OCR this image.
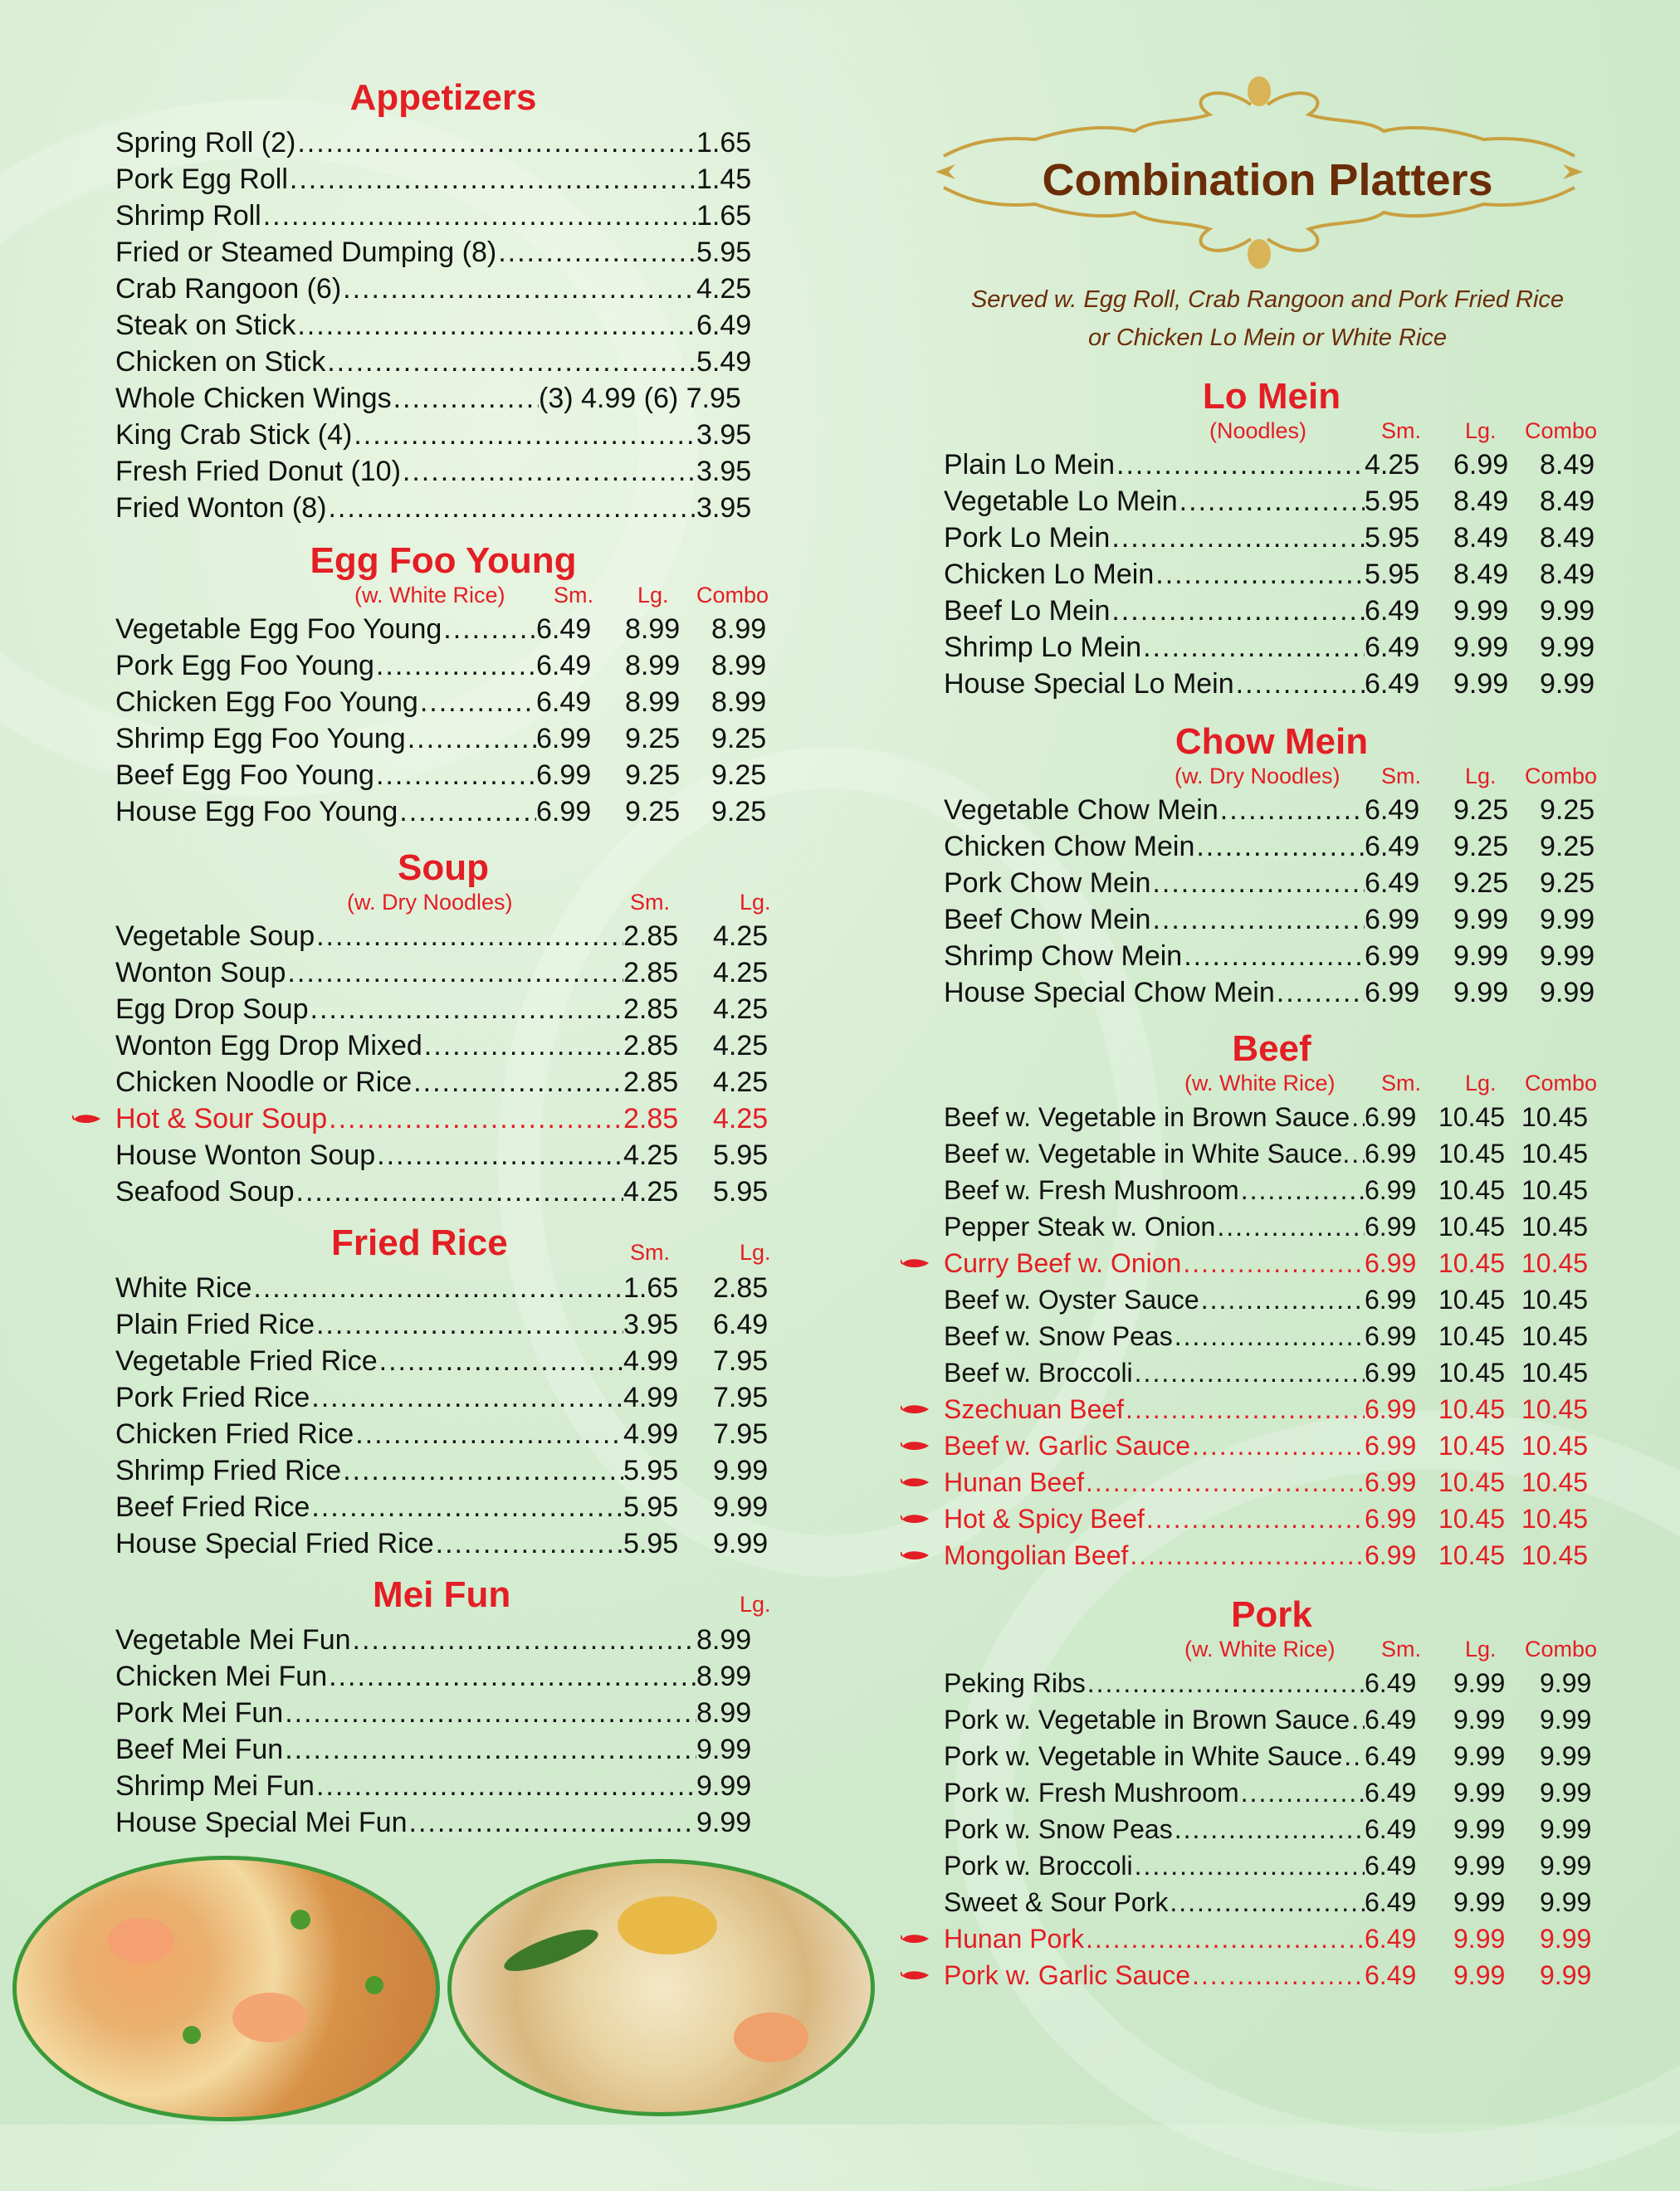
Appetizers
Spring Roll (2) .....	1.65
Pork Egg Roll .....	1.45
Shrimp Roll .....	1.65
Fried or Steamed Dumping (8) .....	5.95
Crab Rangoon (6) .....	4.25
Steak on Stick .....	6.49
Chicken on Stick .....	5.49
Whole Chicken Wings .....	(3) 4.99 (6) 7.95
King Crab Stick (4) .....	3.95
Fresh Fried Donut (10) .....	3.95
Fried Wonton (8) .....	3.95
Egg Foo Young
(w. White Rice) Sm. Lg. Combo
Vegetable Egg Foo Young .....	6.49 8.99 8.99
Pork Egg Foo Young .....	6.49 8.99 8.99
Chicken Egg Foo Young .....	6.49 8.99 8.99
Shrimp Egg Foo Young .....	6.99 9.25 9.25
Beef Egg Foo Young .....	6.99 9.25 9.25
House Egg Foo Young .....	6.99 9.25 9.25
Soup
(w. Dry Noodles)	Sm.	Lg.
Vegetable Soup .....	2.85 4.25
Wonton Soup .....	2.85 4.25
Egg Drop Soup .....	2.85 4.25
Wonton Egg Drop Mixed .....	2.85 4.25
Chicken Noodle or Rice .....	2.85 4.25
Hot & Sour Soup .....	2.85 4.25
House Wonton Soup .....	4.25 5.95
Seafood Soup .....	4.25 5.95
Fried Rice	Sm.	Lg.
White Rice .....	1.65 2.85
Plain Fried Rice .....	3.95 6.49
Vegetable Fried Rice .....	4.99 7.95
Pork Fried Rice .....	4.99 7.95
Chicken Fried Rice .....	4.99 7.95
Shrimp Fried Rice .....	5.95 9.99
Beef Fried Rice .....	5.95 9.99
House Special Fried Rice .....	5.95 9.99
Mei Fun	Lg.
Vegetable Mei Fun .....	8.99
Chicken Mei Fun .....	8.99
Pork Mei Fun .....	8.99
Beef Mei Fun .....	9.99
Shrimp Mei Fun .....	9.99
House Special Mei Fun .....	9.99
Combination Platters
Served w. Egg Roll, Crab Rangoon and Pork Fried Rice
or Chicken Lo Mein or White Rice
Lo Mein
(Noodles)	Sm. Lg. Combo
Plain Lo Mein .....	4.25 6.99 8.49
Vegetable Lo Mein .....	5.95 8.49 8.49
Pork Lo Mein .....	5.95 8.49 8.49
Chicken Lo Mein .....	5.95 8.49 8.49
Beef Lo Mein .....	6.49 9.99 9.99
Shrimp Lo Mein .....	6.49 9.99 9.99
House Special Lo Mein .....	6.49 9.99 9.99
Chow Mein
(w. Dry Noodles) Sm. Lg. Combo
Vegetable Chow Mein .....	6.49 9.25 9.25
Chicken Chow Mein .....	6.49 9.25 9.25
Pork Chow Mein .....	6.49 9.25 9.25
Beef Chow Mein .....	6.99 9.99 9.99
Shrimp Chow Mein .....	6.99 9.99 9.99
House Special Chow Mein .....	6.99 9.99 9.99
Beef
(w. White Rice) Sm. Lg. Combo
Beef w. Vegetable in Brown Sauce ..... 6.99 10.45 10.45
Beef w. Vegetable in White Sauce. ..... 6.99 10.45 10.45
Beef w. Fresh Mushroom .....	6.99 10.45 10.45
Pepper Steak w. Onion .....	6.99 10.45 10.45
Curry Beef w. Onion .....	6.99 10.45 10.45
Beef w. Oyster Sauce .....	6.99 10.45 10.45
Beef w. Snow Peas .....	6.99 10.45 10.45
Beef w. Broccoli .....	6.99 10.45 10.45
Szechuan Beef .....	6.99 10.45 10.45
Beef w. Garlic Sauce .....	6.99 10.45 10.45
Hunan Beef .....	6.99 10.45 10.45
Hot & Spicy Beef .....	6.99 10.45 10.45
Mongolian Beef .....	6.99 10.45 10.45
Pork
(w. White Rice) Sm. Lg. Combo
Peking Ribs .....	6.49 9.99 9.99
Pork w. Vegetable in Brown Sauce ..... 6.49 9.99 9.99
Pork w. Vegetable in White Sauce ..... 6.49 9.99 9.99
Pork w. Fresh Mushroom .....	6.49 9.99 9.99
Pork w. Snow Peas .....	6.49 9.99 9.99
Pork w. Broccoli .....	6.49 9.99 9.99
Sweet & Sour Pork .....	6.49 9.99 9.99
Hunan Pork .....	6.49 9.99 9.99
Pork w. Garlic Sauce .....	6.49 9.99 9.99
